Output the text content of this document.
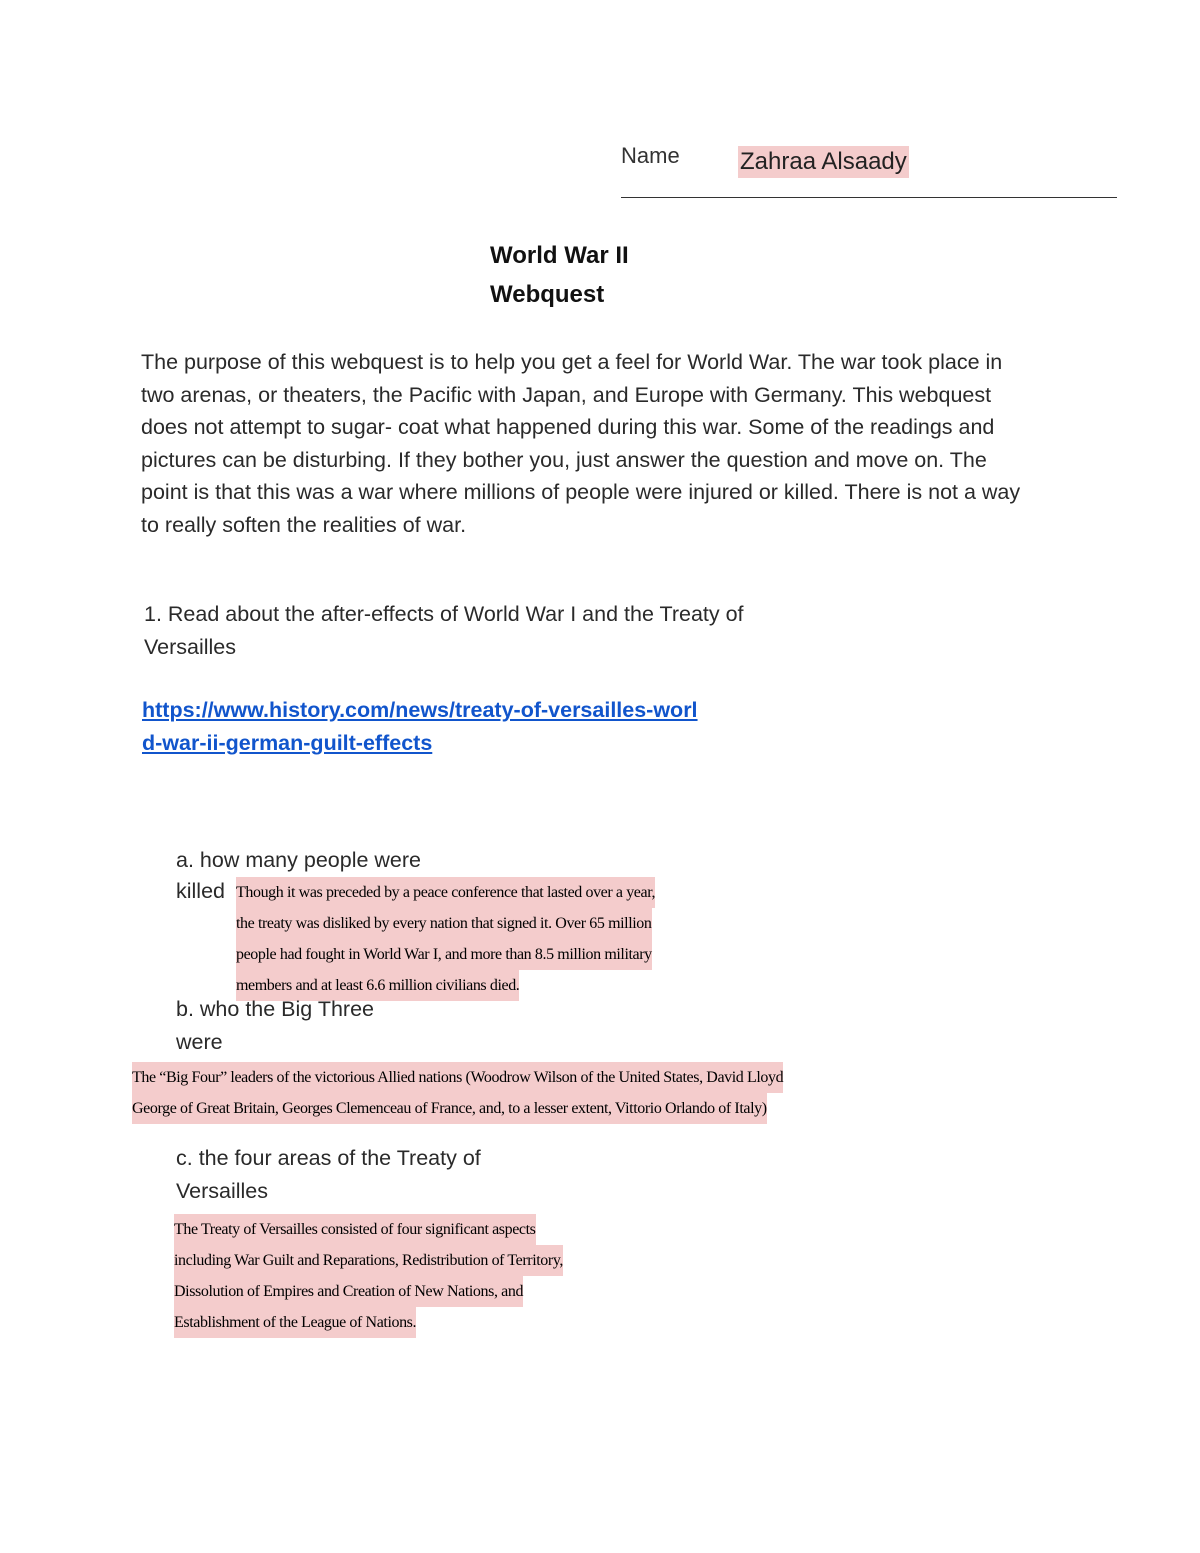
Name	Zahraa Alsaady
World War II
Webquest
The purpose of this webquest is to help you get a feel for World War. The war took place in
two arenas, or theaters, the Pacific with Japan, and Europe with Germany. This webquest
does not attempt to sugar- coat what happened during this war. Some of the readings and
pictures can be disturbing. If they bother you, just answer the question and move on. The
point is that this was a war where millions of people were injured or killed. There is not a way
to really soften the realities of war.
1. Read about the after-effects of World War I and the Treaty of
Versailles
https://www.history.com/news/treaty-of-versailles-worl
d-war-ii-german-guilt-effects
a. how many people were
killed Though it was preceded by a peace conference that lasted over a year,
the treaty was disliked by every nation that signed it. Over 65 million
people had fought in World War I, and more than 8.5 million military
members and at least 6.6 million civilians died.
b. who the Big Three
were
The “Big Four” leaders of the victorious Allied nations (Woodrow Wilson of the United States, David Lloyd
George of Great Britain, Georges Clemenceau of France, and, to a lesser extent, Vittorio Orlando of Italy)
c. the four areas of the Treaty of
Versailles
The Treaty of Versailles consisted of four significant aspects
including War Guilt and Reparations, Redistribution of Territory,
Dissolution of Empires and Creation of New Nations, and
Establishment of the League of Nations.
